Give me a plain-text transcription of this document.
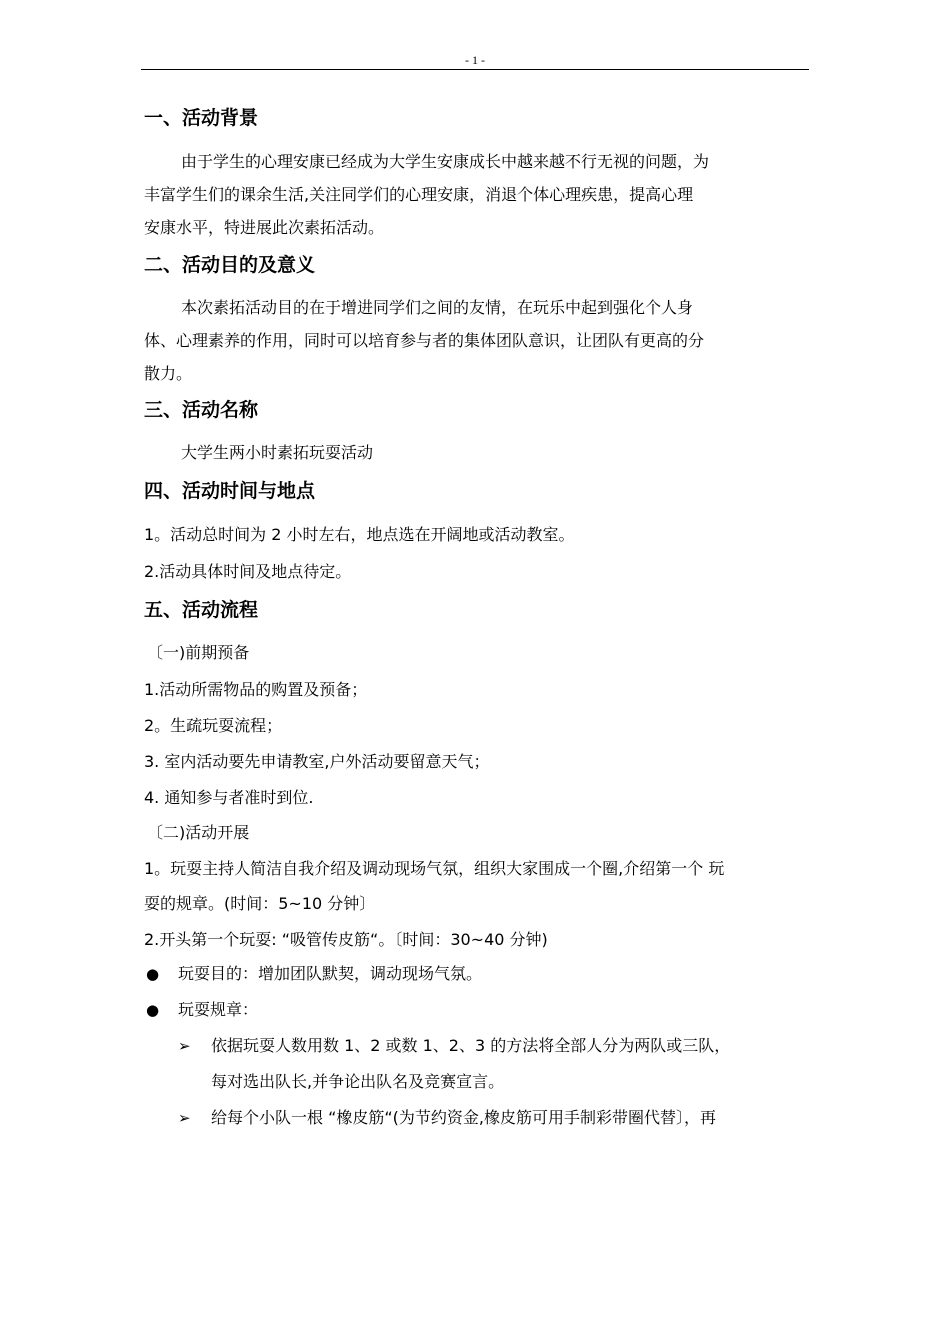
- 1 -
一、活动背景
由于学生的心理安康已经成为大学生安康成长中越来越不行无视的问题，为
丰富学生们的课余生活,关注同学们的心理安康，消退个体心理疾患，提高心理
安康水平，特进展此次素拓活动。
二、活动目的及意义
本次素拓活动目的在于增进同学们之间的友情，在玩乐中起到强化个人身
体、心理素养的作用，同时可以培育参与者的集体团队意识，让团队有更高的分
散力。
三、活动名称
大学生两小时素拓玩耍活动
四、活动时间与地点
1。活动总时间为 2 小时左右，地点选在开阔地或活动教室。
2.活动具体时间及地点待定。
五、活动流程
〔一)前期预备
1.活动所需物品的购置及预备；
2。生疏玩耍流程；
3. 室内活动要先申请教室,户外活动要留意天气；
4. 通知参与者准时到位.
〔二)活动开展
1。玩耍主持人简洁自我介绍及调动现场气氛，组织大家围成一个圈,介绍第一个 玩
耍的规章。(时间：5~10 分钟〕
2.开头第一个玩耍: “吸管传皮筋“。〔时间：30~40 分钟)
● 玩耍目的：增加团队默契，调动现场气氛。
● 玩耍规章：
➢ 依据玩耍人数用数 1、2 或数 1、2、3 的方法将全部人分为两队或三队，
每对选出队长,并争论出队名及竞赛宣言。
➢ 给每个小队一根 “橡皮筋“(为节约资金,橡皮筋可用手制彩带圈代替〕，再
